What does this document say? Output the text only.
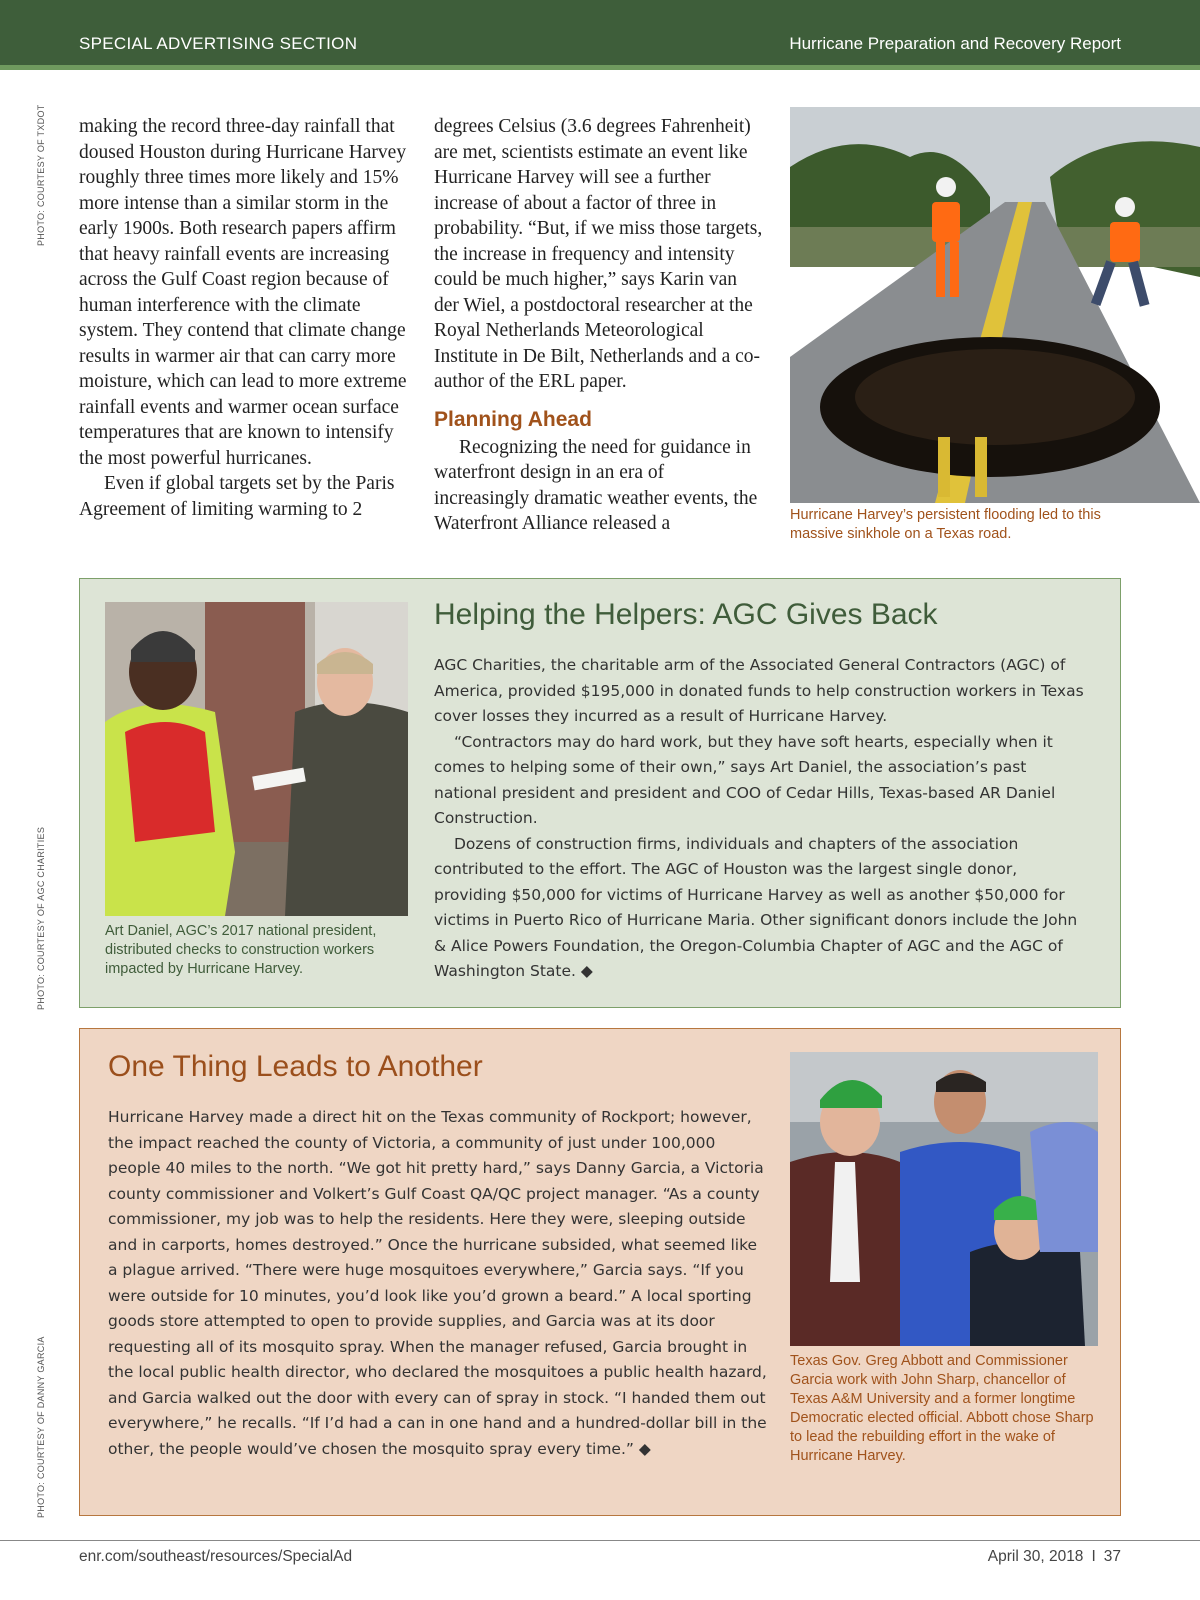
SPECIAL ADVERTISING SECTION	Hurricane Preparation and Recovery Report
PHOTO: COURTESY OF TXDOT
PHOTO: COURTESY OF AGC CHARITIES
PHOTO: COURTESY OF DANNY GARCIA

making the record three-day rainfall that doused Houston during Hurricane Harvey roughly three times more likely and 15% more intense than a similar storm in the early 1900s. Both research papers affirm that heavy rainfall events are increasing across the Gulf Coast region because of human interference with the climate system. They contend that climate change results in warmer air that can carry more moisture, which can lead to more extreme rainfall events and warmer ocean surface temperatures that are known to intensify the most powerful hurricanes.

Even if global targets set by the Paris Agreement of limiting warming to 2

degrees Celsius (3.6 degrees Fahrenheit) are met, scientists estimate an event like Hurricane Harvey will see a further increase of about a factor of three in probability. “But, if we miss those targets, the increase in frequency and intensity could be much higher,” says Karin van der Wiel, a postdoctoral researcher at the Royal Netherlands Meteorological Institute in De Bilt, Netherlands and a co-author of the ERL paper.

Planning Ahead

Recognizing the need for guidance in waterfront design in an era of increasingly dramatic weather events, the Waterfront Alliance released a	Hurricane Harvey’s persistent flooding led to this massive sinkhole on a Texas road.
Art Daniel, AGC’s 2017 national president, distributed checks to construction workers impacted by Hurricane Harvey.
Helping the Helpers: AGC Gives Back

AGC Charities, the charitable arm of the Associated General Contractors (AGC) of America, provided $195,000 in donated funds to help construction workers in Texas cover losses they incurred as a result of Hurricane Harvey.

“Contractors may do hard work, but they have soft hearts, especially when it comes to helping some of their own,” says Art Daniel, the association’s past national president and president and COO of Cedar Hills, Texas-based AR Daniel Construction.

Dozens of construction firms, individuals and chapters of the association contributed to the effort. The AGC of Houston was the largest single donor, providing $50,000 for victims of Hurricane Harvey as well as another $50,000 for victims in Puerto Rico of Hurricane Maria. Other significant donors include the John & Alice Powers Foundation, the Oregon-Columbia Chapter of AGC and the AGC of Washington State. ◆

One Thing Leads to Another

Hurricane Harvey made a direct hit on the Texas community of Rockport; however, the impact reached the county of Victoria, a community of just under 100,000 people 40 miles to the north. “We got hit pretty hard,” says Danny Garcia, a Victoria county commissioner and Volkert’s Gulf Coast QA/QC project manager. “As a county commissioner, my job was to help the residents. Here they were, sleeping outside and in carports, homes destroyed.” Once the hurricane subsided, what seemed like a plague arrived. “There were huge mosquitoes everywhere,” Garcia says. “If you were outside for 10 minutes, you’d look like you’d grown a beard.” A local sporting goods store attempted to open to provide supplies, and Garcia was at its door requesting all of its mosquito spray. When the manager refused, Garcia brought in the local public health director, who declared the mosquitoes a public health hazard, and Garcia walked out the door with every can of spray in stock. “I handed them out everywhere,” he recalls. “If I’d had a can in one hand and a hundred-dollar bill in the other, the people would’ve chosen the mosquito spray every time.” ◆

Texas Gov. Greg Abbott and Commissioner Garcia work with John Sharp, chancellor of Texas A&M University and a former longtime Democratic elected official. Abbott chose Sharp to lead the rebuilding effort in the wake of Hurricane Harvey.
enr.com/southeast/resources/SpecialAd	April 30, 2018 I 37
